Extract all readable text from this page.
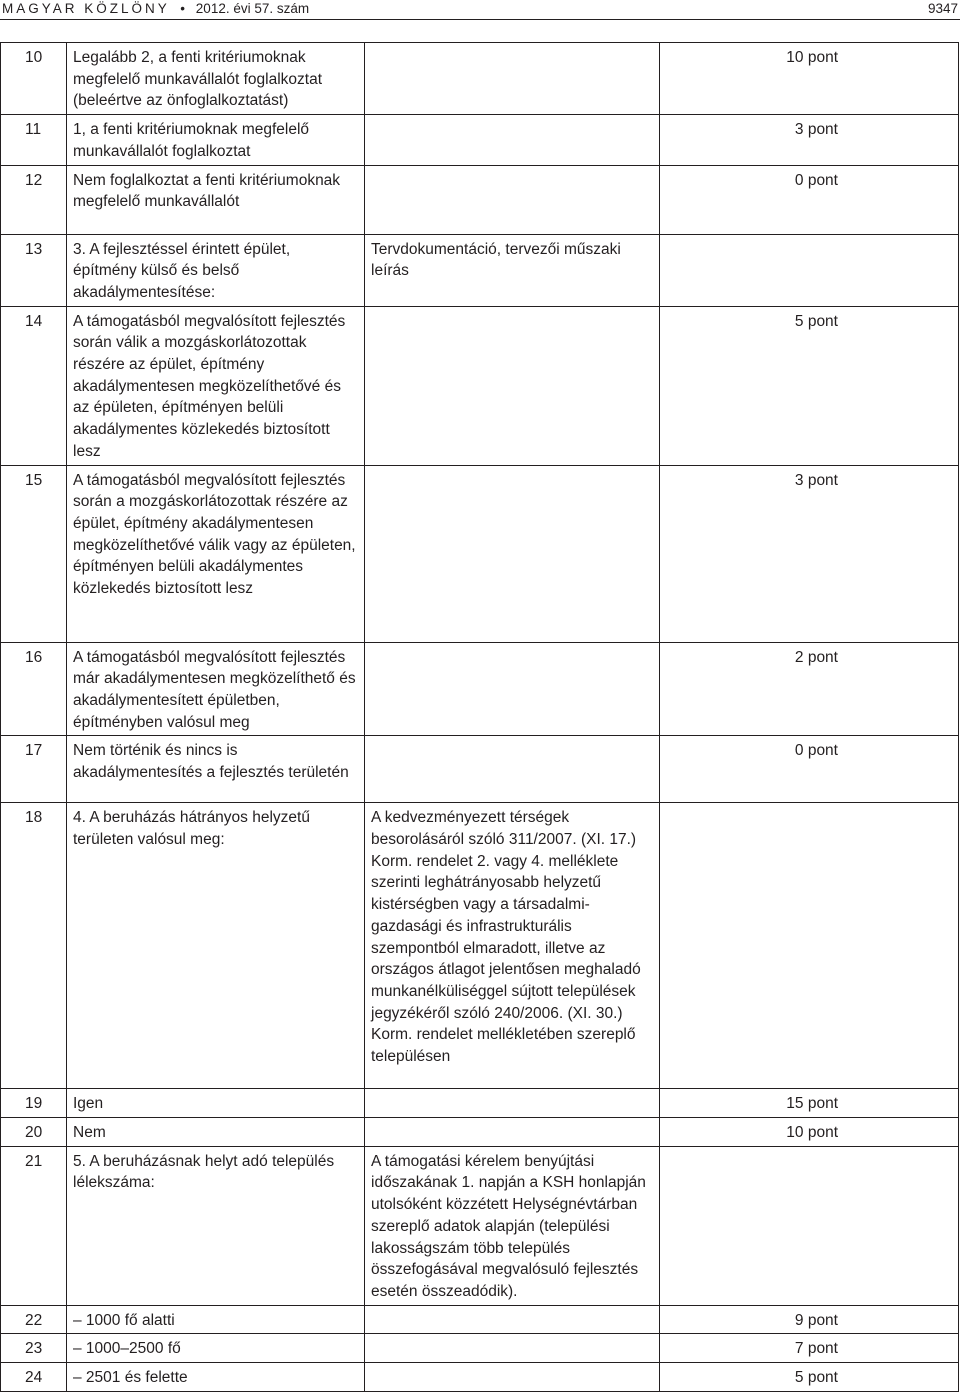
MAGYAR KÖZLÖNY • 2012. évi 57. szám	9347
10	Legalább 2, a fenti kritériumoknak megfelelő munkavállalót foglalkoztat (beleértve az önfoglalkoztatást)		10 pont
11	1, a fenti kritériumoknak megfelelő munkavállalót foglalkoztat		3 pont
12	Nem foglalkoztat a fenti kritériumoknak megfelelő munkavállalót		0 pont
13	3. A fejlesztéssel érintett épület, építmény külső és belső akadálymentesítése:	Tervdokumentáció, tervezői műszaki leírás	
14	A támogatásból megvalósított fejlesztés során válik a mozgáskorlátozottak részére az épület, építmény akadálymentesen megközelíthetővé és az épületen, építményen belüli akadálymentes közlekedés biztosított lesz		5 pont
15	A támogatásból megvalósított fejlesztés során a mozgáskorlátozottak részére az épület, építmény akadálymentesen megközelíthetővé válik vagy az épületen, építményen belüli akadálymentes közlekedés biztosított lesz		3 pont
16	A támogatásból megvalósított fejlesztés már akadálymentesen megközelíthető és akadálymentesített épületben, építményben valósul meg		2 pont
17	Nem történik és nincs is akadálymentesítés a fejlesztés területén		0 pont
18	4. A beruházás hátrányos helyzetű területen valósul meg:	A kedvezményezett térségek besorolásáról szóló 311/2007. (XI. 17.) Korm. rendelet 2. vagy 4. melléklete szerinti leghátrányosabb helyzetű kistérségben vagy a társadalmi-gazdasági és infrastrukturális szempontból elmaradott, illetve az országos átlagot jelentősen meghaladó munkanélküliséggel sújtott települések jegyzékéről szóló 240/2006. (XI. 30.) Korm. rendelet mellékletében szereplő településen	
19	Igen		15 pont
20	Nem		10 pont
21	5. A beruházásnak helyt adó település lélekszáma:	A támogatási kérelem benyújtási időszakának 1. napján a KSH honlapján utolsóként közzétett Helységnévtárban szereplő adatok alapján (települési lakosságszám több település összefogásával megvalósuló fejlesztés esetén összeadódik).	
22	– 1000 fő alatti		9 pont
23	– 1000–2500 fő		7 pont
24	– 2501 és felette		5 pont
